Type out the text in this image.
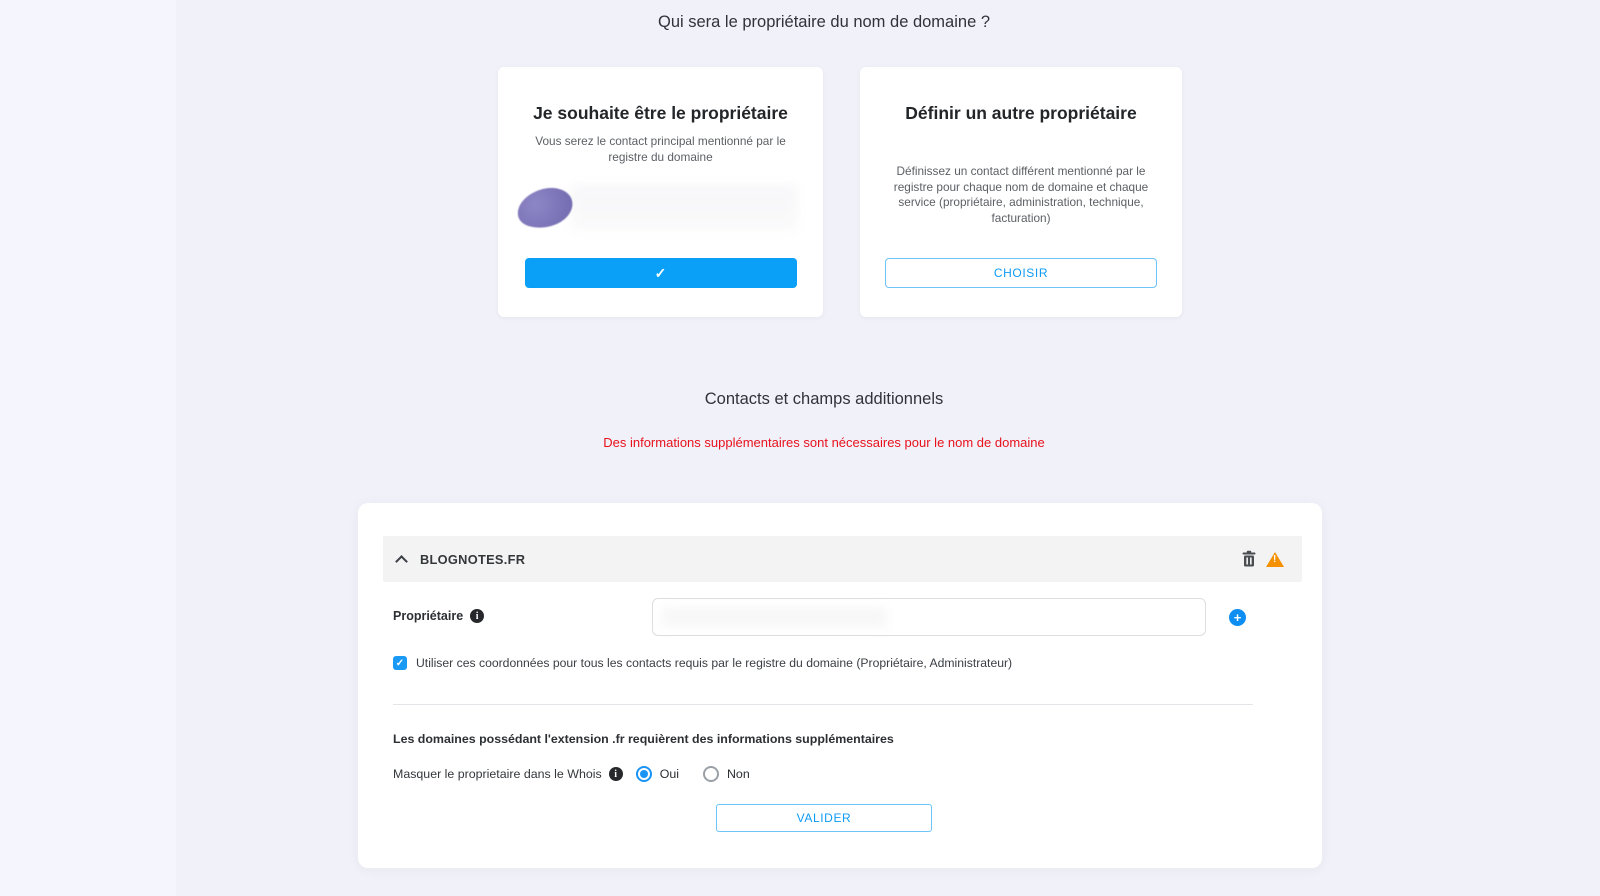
Qui sera le propriétaire du nom de domaine ?
Je souhaite être le propriétaire
Vous serez le contact principal mentionné par le registre du domaine
✓
Définir un autre propriétaire
Définissez un contact différent mentionné par le registre pour chaque nom de domaine et chaque service (propriétaire, administration, technique, facturation)
CHOISIR
Contacts et champs additionnels
Des informations supplémentaires sont nécessaires pour le nom de domaine
BLOGNOTES.FR	!
Propriétaire	i	+
✓ Utiliser ces coordonnées pour tous les contacts requis par le registre du domaine (Propriétaire, Administrateur)
Les domaines possédant l'extension .fr requièrent des informations supplémentaires
Masquer le proprietaire dans le Whois	i	Oui	Non
VALIDER
